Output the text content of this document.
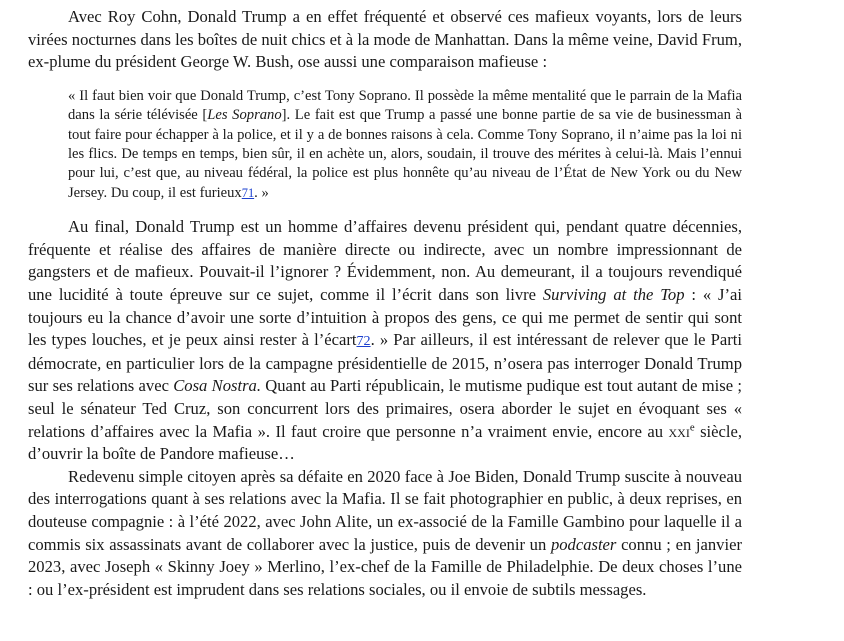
Avec Roy Cohn, Donald Trump a en effet fréquenté et observé ces mafieux voyants, lors de leurs virées nocturnes dans les boîtes de nuit chics et à la mode de Manhattan. Dans la même veine, David Frum, ex-plume du président George W. Bush, ose aussi une comparaison mafieuse :

« Il faut bien voir que Donald Trump, c’est Tony Soprano. Il possède la même mentalité que le parrain de la Mafia dans la série télévisée [Les Soprano]. Le fait est que Trump a passé une bonne partie de sa vie de businessman à tout faire pour échapper à la police, et il y a de bonnes raisons à cela. Comme Tony Soprano, il n’aime pas la loi ni les flics. De temps en temps, bien sûr, il en achète un, alors, soudain, il trouve des mérites à celui-là. Mais l’ennui pour lui, c’est que, au niveau fédéral, la police est plus honnête qu’au niveau de l’État de New York ou du New Jersey. Du coup, il est furieux71. »

Au final, Donald Trump est un homme d’affaires devenu président qui, pendant quatre décennies, fréquente et réalise des affaires de manière directe ou indirecte, avec un nombre impressionnant de gangsters et de mafieux. Pouvait-il l’ignorer ? Évidemment, non. Au demeurant, il a toujours revendiqué une lucidité à toute épreuve sur ce sujet, comme il l’écrit dans son livre Surviving at the Top : « J’ai toujours eu la chance d’avoir une sorte d’intuition à propos des gens, ce qui me permet de sentir qui sont les types louches, et je peux ainsi rester à l’écart72. » Par ailleurs, il est intéressant de relever que le Parti démocrate, en particulier lors de la campagne présidentielle de 2015, n’osera pas interroger Donald Trump sur ses relations avec Cosa Nostra. Quant au Parti républicain, le mutisme pudique est tout autant de mise ; seul le sénateur Ted Cruz, son concurrent lors des primaires, osera aborder le sujet en évoquant ses « relations d’affaires avec la Mafia ». Il faut croire que personne n’a vraiment envie, encore au xxi$^e$ siècle, d’ouvrir la boîte de Pandore mafieuse…

Redevenu simple citoyen après sa défaite en 2020 face à Joe Biden, Donald Trump suscite à nouveau des interrogations quant à ses relations avec la Mafia. Il se fait photographier en public, à deux reprises, en douteuse compagnie : à l’été 2022, avec John Alite, un ex-associé de la Famille Gambino pour laquelle il a commis six assassinats avant de collaborer avec la justice, puis de devenir un podcaster connu ; en janvier 2023, avec Joseph « Skinny Joey » Merlino, l’ex-chef de la Famille de Philadelphie. De deux choses l’une : ou l’ex-président est imprudent dans ses relations sociales, ou il envoie de subtils messages.
